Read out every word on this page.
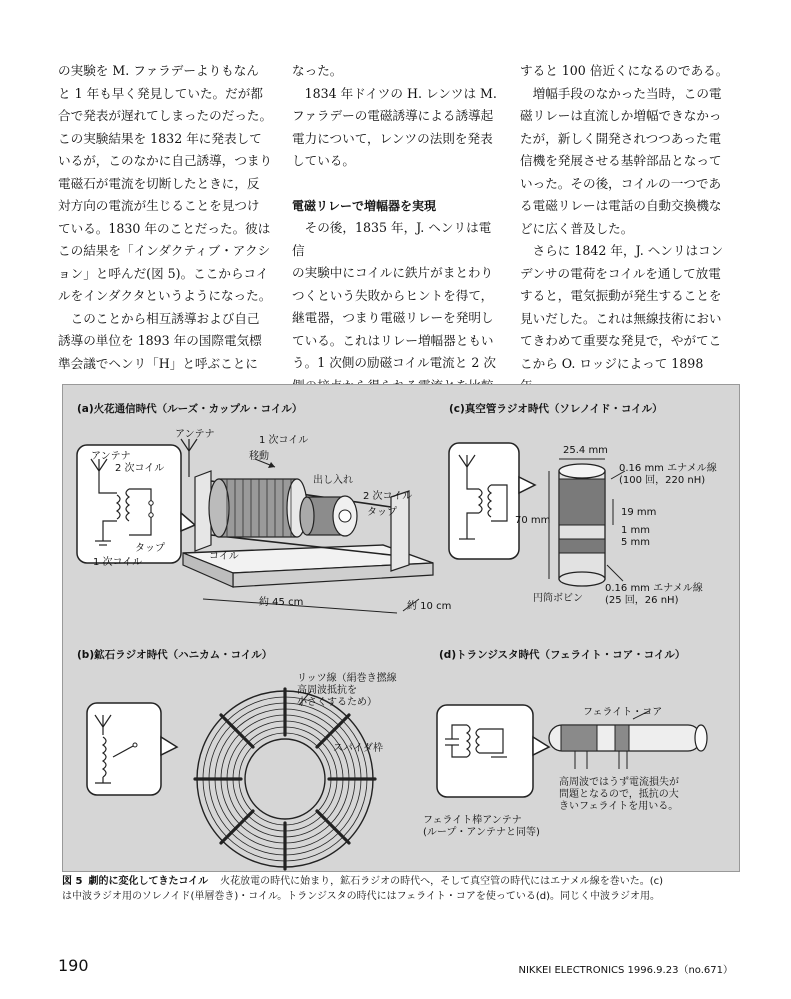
の実験を M. ファラデーよりもなん

と 1 年も早く発見していた。だが都

合で発表が遅れてしまったのだった。

この実験結果を 1832 年に発表して

いるが，このなかに自己誘導，つまり

電磁石が電流を切断したときに，反

対方向の電流が生じることを見つけ

ている。1830 年のことだった。彼は

この結果を「インダクティブ・アクシ

ョン」と呼んだ(図 5)。ここからコイ

ルをインダクタというようになった。

　このことから相互誘導および自己

誘導の単位を 1893 年の国際電気標

準会議でヘンリ「H」と呼ぶことに

なった。

　1834 年ドイツの H. レンツは M.

ファラデーの電磁誘導による誘導起

電力について，レンツの法則を発表

している。

電磁リレーで増幅器を実現

　その後，1835 年，J. ヘンリは電信

の実験中にコイルに鉄片がまとわり

つくという失敗からヒントを得て，

継電器，つまり電磁リレーを発明し

ている。これはリレー増幅器ともい

う。1 次側の励磁コイル電流と 2 次

すると 100 倍近くになるのである。

　増幅手段のなかった当時，この電

磁リレーは直流しか増幅できなかっ

たが，新しく開発されつつあった電

信機を発展させる基幹部品となって

いった。その後，コイルの一つであ

る電磁リレーは電話の自動交換機な

どに広く普及した。

　さらに 1842 年，J. ヘンリはコン

デンサの電荷をコイルを通して放電

すると，電気振動が発生することを

見いだした。これは無線技術におい

てきわめて重要な発見で，やがてこ

こから O. ロッジによって 1898

(a)火花通信時代（ルーズ・カップル・コイル）
アンテナ
アンテナ
1 次コイル
移動
2 次コイル
出し入れ
2 次コイル
タップ
タップ
1 次コイル
コイル
約 45 cm	約 10 cm
(c)真空管ラジオ時代（ソレノイド・コイル）
25.4 mm
0.16 mm エナメル線
(100 回，220 nH)
70 mm
19 mm
1 mm
5 mm
円筒ボビン
0.16 mm エナメル線
(25 回，26 nH)
(b)鉱石ラジオ時代（ハニカム・コイル）
リッツ線（絹巻き撚線
高周波抵抗を
小さくするため）
スパイダ枠
(d)トランジスタ時代（フェライト・コア・コイル）
フェライト・コア
高周波ではうず電流損失が
問題となるので，抵抗の大
きいフェライトを用いる。
フェライト棒アンテナ
(ループ・アンテナと同等)
図 5 劇的に変化してきたコイル 火花放電の時代に始まり，鉱石ラジオの時代へ，そして真空管の時代にはエナメル線を巻いた。(c)
は中波ラジオ用のソレノイド(単層巻き)・コイル。トランジスタの時代にはフェライト・コアを使っている(d)。同じく中波ラジオ用。
190	NIKKEI ELECTRONICS 1996.9.23（no.671）
